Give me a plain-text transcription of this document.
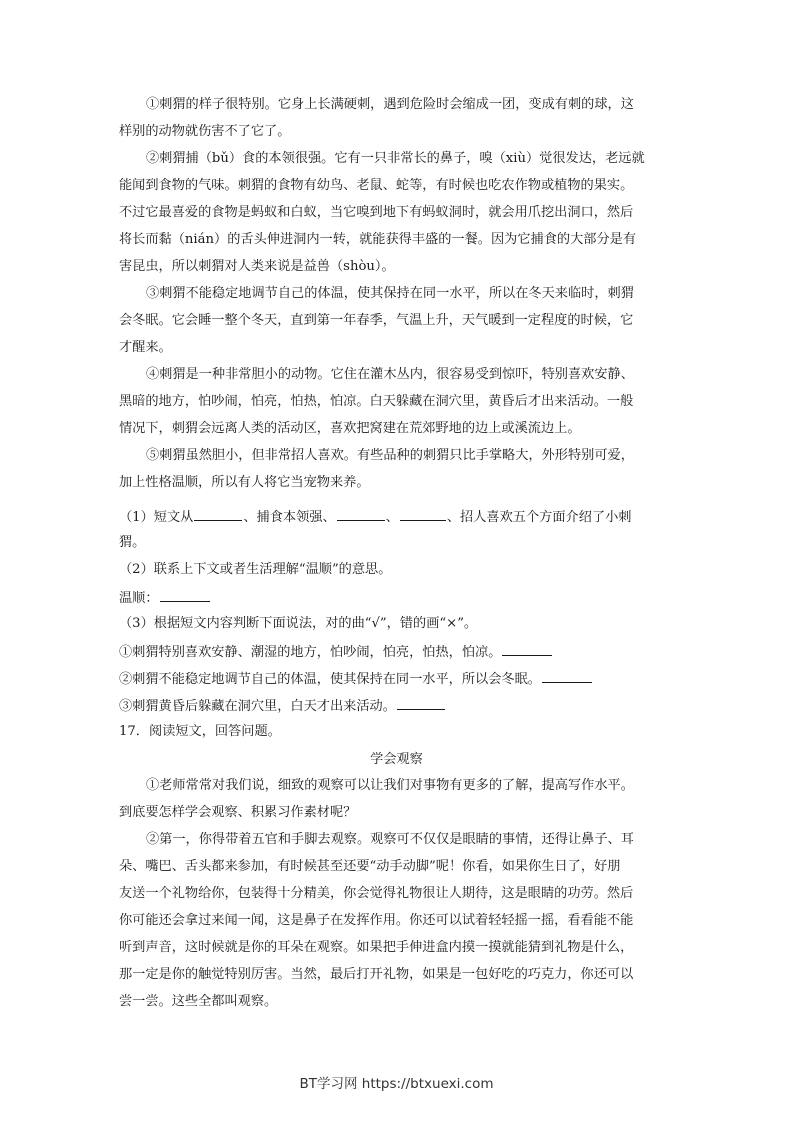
①刺猬的样子很特别。它身上长满硬刺，遇到危险时会缩成一团，变成有刺的球，这
样别的动物就伤害不了它了。
②刺猬捕（bǔ）食的本领很强。它有一只非常长的鼻子，嗅（xiù）觉很发达，老远就
能闻到食物的气味。刺猬的食物有幼鸟、老鼠、蛇等，有时候也吃农作物或植物的果实。
不过它最喜爱的食物是蚂蚁和白蚁，当它嗅到地下有蚂蚁洞时，就会用爪挖出洞口，然后
将长而黏（nián）的舌头伸进洞内一转，就能获得丰盛的一餐。因为它捕食的大部分是有
害昆虫，所以刺猬对人类来说是益兽（shòu）。
③刺猬不能稳定地调节自己的体温，使其保持在同一水平，所以在冬天来临时，刺猬
会冬眠。它会睡一整个冬天，直到第一年春季，气温上升，天气暖到一定程度的时候，它
才醒来。
④刺猬是一种非常胆小的动物。它住在灌木丛内，很容易受到惊吓，特别喜欢安静、
黑暗的地方，怕吵闹，怕亮，怕热，怕凉。白天躲藏在洞穴里，黄昏后才出来活动。一般
情况下，刺猬会远离人类的活动区，喜欢把窝建在荒郊野地的边上或溪流边上。
⑤刺猬虽然胆小，但非常招人喜欢。有些品种的刺猬只比手掌略大，外形特别可爱，
加上性格温顺，所以有人将它当宠物来养。
（1）短文从	、捕食本领强、	、	、招人喜欢五个方面介绍了小刺
猬。
（2）联系上下文或者生活理解“温顺”的意思。
温顺：
（3）根据短文内容判断下面说法，对的曲“√”，错的画“×”。
①刺猬特别喜欢安静、潮湿的地方，怕吵闹，怕亮，怕热，怕凉。
②刺猬不能稳定地调节自己的体温，使其保持在同一水平，所以会冬眠。
③刺猬黄昏后躲藏在洞穴里，白天才出来活动。
17．阅读短文，回答问题。
学会观察
①老师常常对我们说，细致的观察可以让我们对事物有更多的了解，提高写作水平。
到底要怎样学会观察、积累习作素材呢？
②第一，你得带着五官和手脚去观察。观察可不仅仅是眼睛的事情，还得让鼻子、耳
朵、嘴巴、舌头都来参加，有时候甚至还要“动手动脚”呢！你看，如果你生日了，好朋
友送一个礼物给你，包装得十分精美，你会觉得礼物很让人期待，这是眼睛的功劳。然后
你可能还会拿过来闻一闻，这是鼻子在发挥作用。你还可以试着轻轻摇一摇，看看能不能
听到声音，这时候就是你的耳朵在观察。如果把手伸进盒内摸一摸就能猜到礼物是什么，
那一定是你的触觉特别厉害。当然，最后打开礼物，如果是一包好吃的巧克力，你还可以
尝一尝。这些全都叫观察。
BT学习网 https://btxuexi.com
